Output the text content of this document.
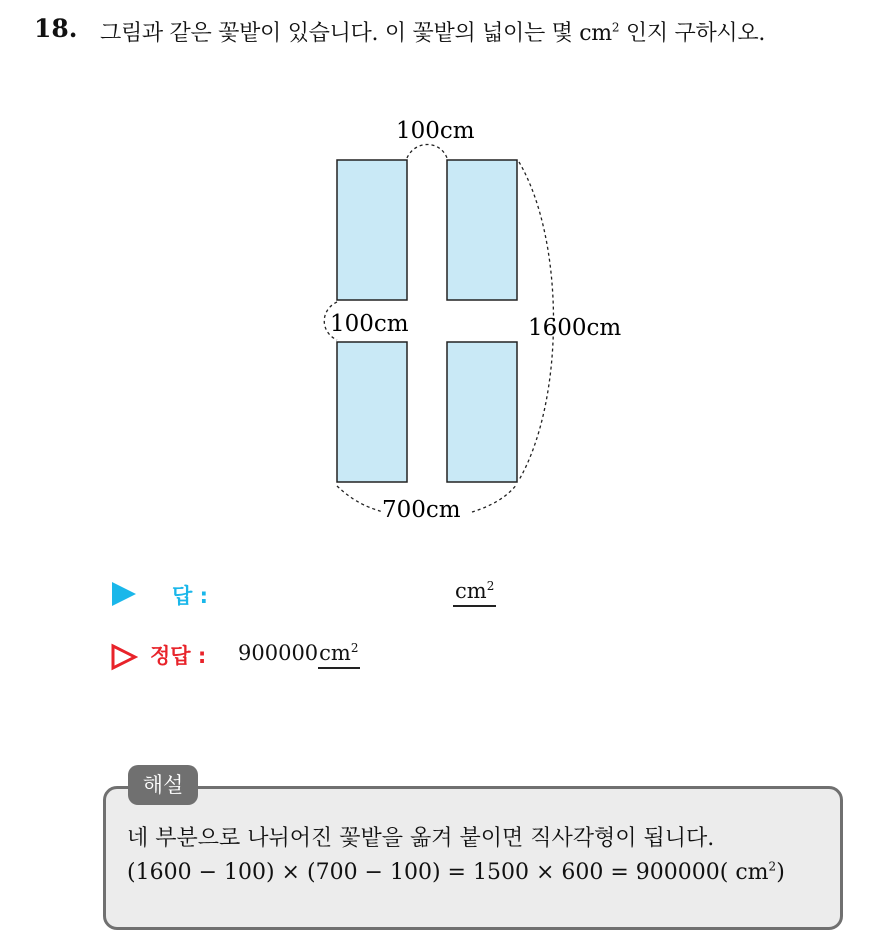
18. 그림과 같은 꽃밭이 있습니다. 이 꽃밭의 넓이는 몇 $cm^2$ 인지 구하시오.
100cm
100cm	1600cm
700cm
답 :	$cm^2$
정답 : $900000cm^2$
해설
네 부분으로 나뉘어진 꽃밭을 옮겨 붙이면 직사각형이 됩니다.
(1600 − 100) × (700 − 100) = 1500 × 600 = 900000( $cm^2$)
